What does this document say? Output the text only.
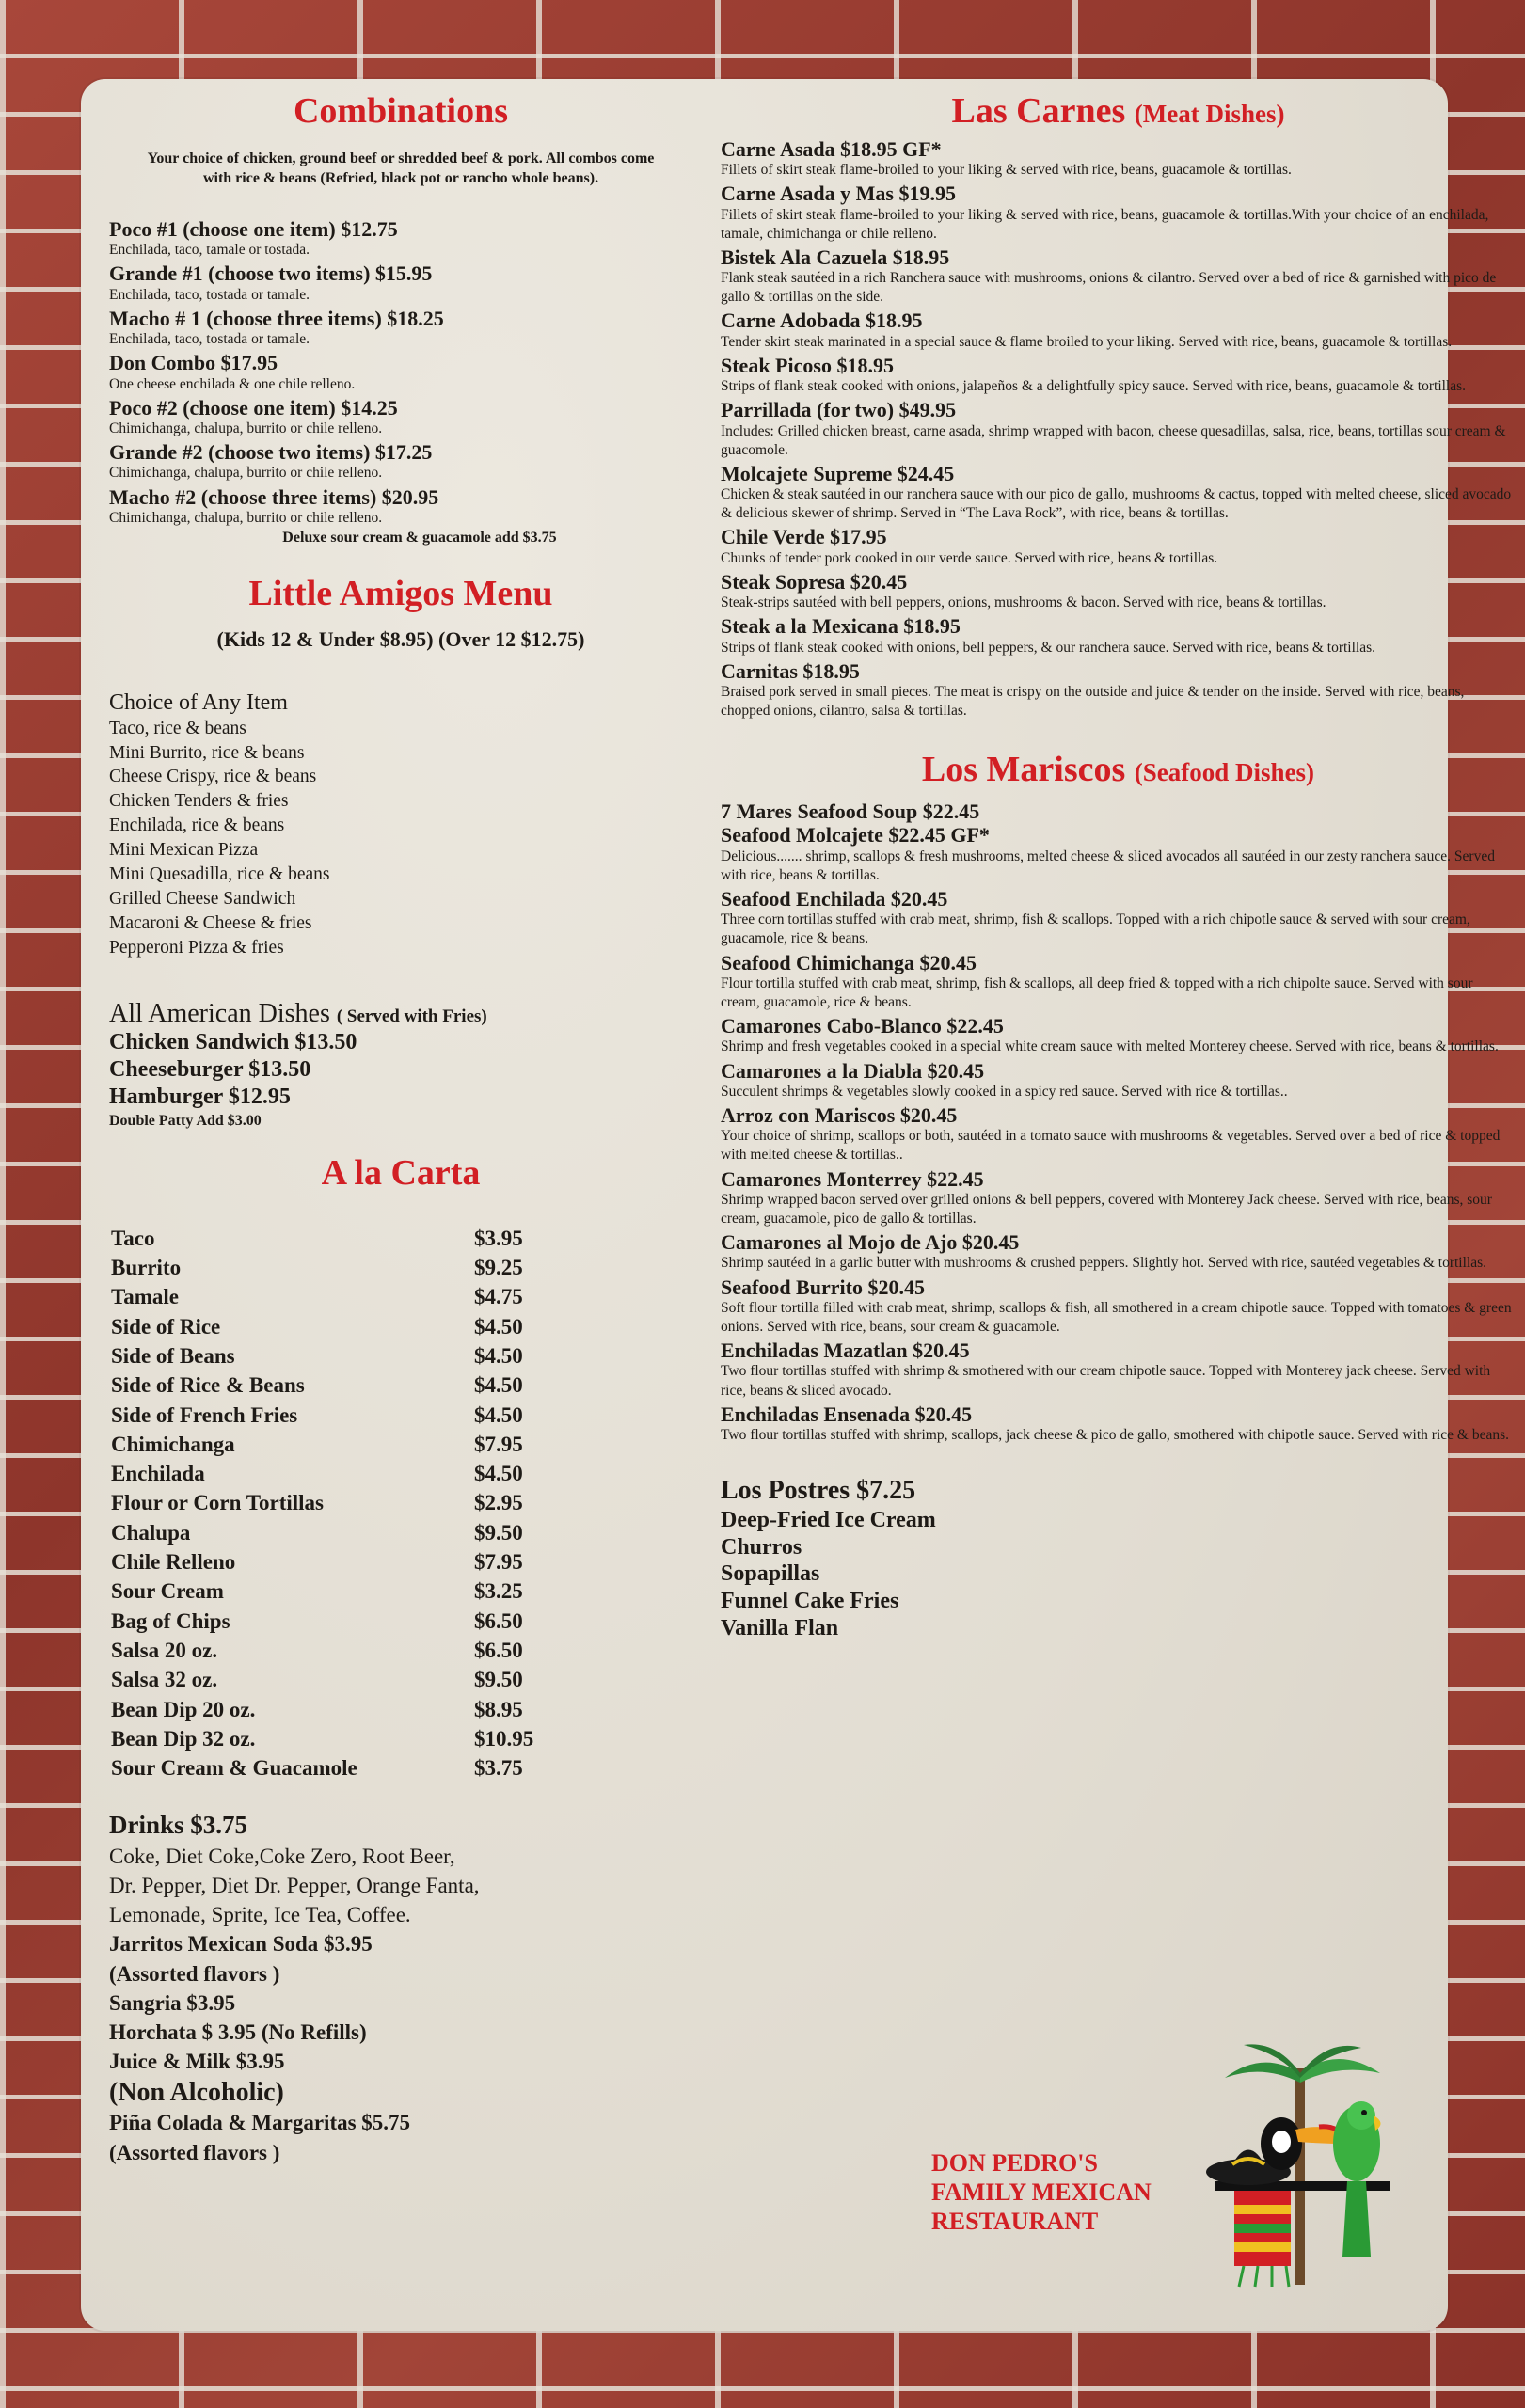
Combinations

Your choice of chicken, ground beef or shredded beef & pork. All combos come with rice & beans (Refried, black pot or rancho whole beans).

Poco #1 (choose one item) $12.75

Enchilada, taco, tamale or tostada.

Grande #1 (choose two items) $15.95

Enchilada, taco, tostada or tamale.

Macho # 1 (choose three items) $18.25

Enchilada, taco, tostada or tamale.

Don Combo $17.95

One cheese enchilada & one chile relleno.

Poco #2 (choose one item) $14.25

Chimichanga, chalupa, burrito or chile relleno.

Grande #2 (choose two items) $17.25

Chimichanga, chalupa, burrito or chile relleno.

Macho #2 (choose three items) $20.95

Chimichanga, chalupa, burrito or chile relleno.

Deluxe sour cream & guacamole add $3.75

Little Amigos Menu

(Kids 12 & Under $8.95) (Over 12 $12.75)

Choice of Any Item

Taco, rice & beans

Mini Burrito, rice & beans

Cheese Crispy, rice & beans

Chicken Tenders & fries

Enchilada, rice & beans

Mini Mexican Pizza

Mini Quesadilla, rice & beans

Grilled Cheese Sandwich

Macaroni & Cheese & fries

Pepperoni Pizza & fries

All American Dishes ( Served with Fries)

Chicken Sandwich $13.50

Cheeseburger $13.50

Hamburger $12.95

Double Patty Add $3.00

A la Carta
Taco	$3.95
Burrito	$9.25
Tamale	$4.75
Side of Rice	$4.50
Side of Beans	$4.50
Side of Rice & Beans	$4.50
Side of French Fries	$4.50
Chimichanga	$7.95
Enchilada	$4.50
Flour or Corn Tortillas	$2.95
Chalupa	$9.50
Chile Relleno	$7.95
Sour Cream	$3.25
Bag of Chips	$6.50
Salsa 20 oz.	$6.50
Salsa 32 oz.	$9.50
Bean Dip 20 oz.	$8.95
Bean Dip 32 oz.	$10.95
Sour Cream & Guacamole	$3.75

Drinks $3.75

Coke, Diet Coke,Coke Zero, Root Beer,
Dr. Pepper, Diet Dr. Pepper, Orange Fanta,
Lemonade, Sprite, Ice Tea, Coffee.

Jarritos Mexican Soda $3.95

(Assorted flavors )

Sangria $3.95

Horchata $ 3.95 (No Refills)

Juice & Milk $3.95

(Non Alcoholic)

Piña Colada & Margaritas $5.75

(Assorted flavors )

Las Carnes (Meat Dishes)

Carne Asada $18.95 GF*

Fillets of skirt steak flame-broiled to your liking & served with rice, beans, guacamole & tortillas.

Carne Asada y Mas $19.95

Fillets of skirt steak flame-broiled to your liking & served with rice, beans, guacamole & tortillas.With your choice of an enchilada, tamale, chimichanga or chile relleno.

Bistek Ala Cazuela $18.95

Flank steak sautéed in a rich Ranchera sauce with mushrooms, onions & cilantro. Served over a bed of rice & garnished with pico de gallo & tortillas on the side.

Carne Adobada $18.95

Tender skirt steak marinated in a special sauce & flame broiled to your liking. Served with rice, beans, guacamole & tortillas.

Steak Picoso $18.95

Strips of flank steak cooked with onions, jalapeños & a delightfully spicy sauce. Served with rice, beans, guacamole & tortillas.

Parrillada (for two) $49.95

Includes: Grilled chicken breast, carne asada, shrimp wrapped with bacon, cheese quesadillas, salsa, rice, beans, tortillas sour cream & guacomole.

Molcajete Supreme $24.45

Chicken & steak sautéed in our ranchera sauce with our pico de gallo, mushrooms & cactus, topped with melted cheese, sliced avocado & delicious skewer of shrimp. Served in “The Lava Rock”, with rice, beans & tortillas.

Chile Verde $17.95

Chunks of tender pork cooked in our verde sauce. Served with rice, beans & tortillas.

Steak Sopresa $20.45

Steak-strips sautéed with bell peppers, onions, mushrooms & bacon. Served with rice, beans & tortillas.

Steak a la Mexicana $18.95

Strips of flank steak cooked with onions, bell peppers, & our ranchera sauce. Served with rice, beans & tortillas.

Carnitas $18.95

Braised pork served in small pieces. The meat is crispy on the outside and juice & tender on the inside. Served with rice, beans, chopped onions, cilantro, salsa & tortillas.

Los Mariscos (Seafood Dishes)

7 Mares Seafood Soup $22.45

Seafood Molcajete $22.45 GF*

Delicious....... shrimp, scallops & fresh mushrooms, melted cheese & sliced avocados all sautéed in our zesty ranchera sauce. Served with rice, beans & tortillas.

Seafood Enchilada $20.45

Three corn tortillas stuffed with crab meat, shrimp, fish & scallops. Topped with a rich chipotle sauce & served with sour cream, guacamole, rice & beans.

Seafood Chimichanga $20.45

Flour tortilla stuffed with crab meat, shrimp, fish & scallops, all deep fried & topped with a rich chipolte sauce. Served with sour cream, guacamole, rice & beans.

Camarones Cabo-Blanco $22.45

Shrimp and fresh vegetables cooked in a special white cream sauce with melted Monterey cheese. Served with rice, beans & tortillas.

Camarones a la Diabla $20.45

Succulent shrimps & vegetables slowly cooked in a spicy red sauce. Served with rice & tortillas..

Arroz con Mariscos $20.45

Your choice of shrimp, scallops or both, sautéed in a tomato sauce with mushrooms & vegetables. Served over a bed of rice & topped with melted cheese & tortillas..

Camarones Monterrey $22.45

Shrimp wrapped bacon served over grilled onions & bell peppers, covered with Monterey Jack cheese. Served with rice, beans, sour cream, guacamole, pico de gallo & tortillas.

Camarones al Mojo de Ajo $20.45

Shrimp sautéed in a garlic butter with mushrooms & crushed peppers. Slightly hot. Served with rice, sautéed vegetables & tortillas.

Seafood Burrito $20.45

Soft flour tortilla filled with crab meat, shrimp, scallops & fish, all smothered in a cream chipotle sauce. Topped with tomatoes & green onions. Served with rice, beans, sour cream & guacamole.

Enchiladas Mazatlan $20.45

Two flour tortillas stuffed with shrimp & smothered with our cream chipotle sauce. Topped with Monterey jack cheese. Served with rice, beans & sliced avocado.

Enchiladas Ensenada $20.45

Two flour tortillas stuffed with shrimp, scallops, jack cheese & pico de gallo, smothered with chipotle sauce. Served with rice & beans.

Los Postres $7.25

Deep-Fried Ice Cream

Churros

Sopapillas

Funnel Cake Fries

Vanilla Flan

DON PEDRO'S
FAMILY MEXICAN
RESTAURANT
